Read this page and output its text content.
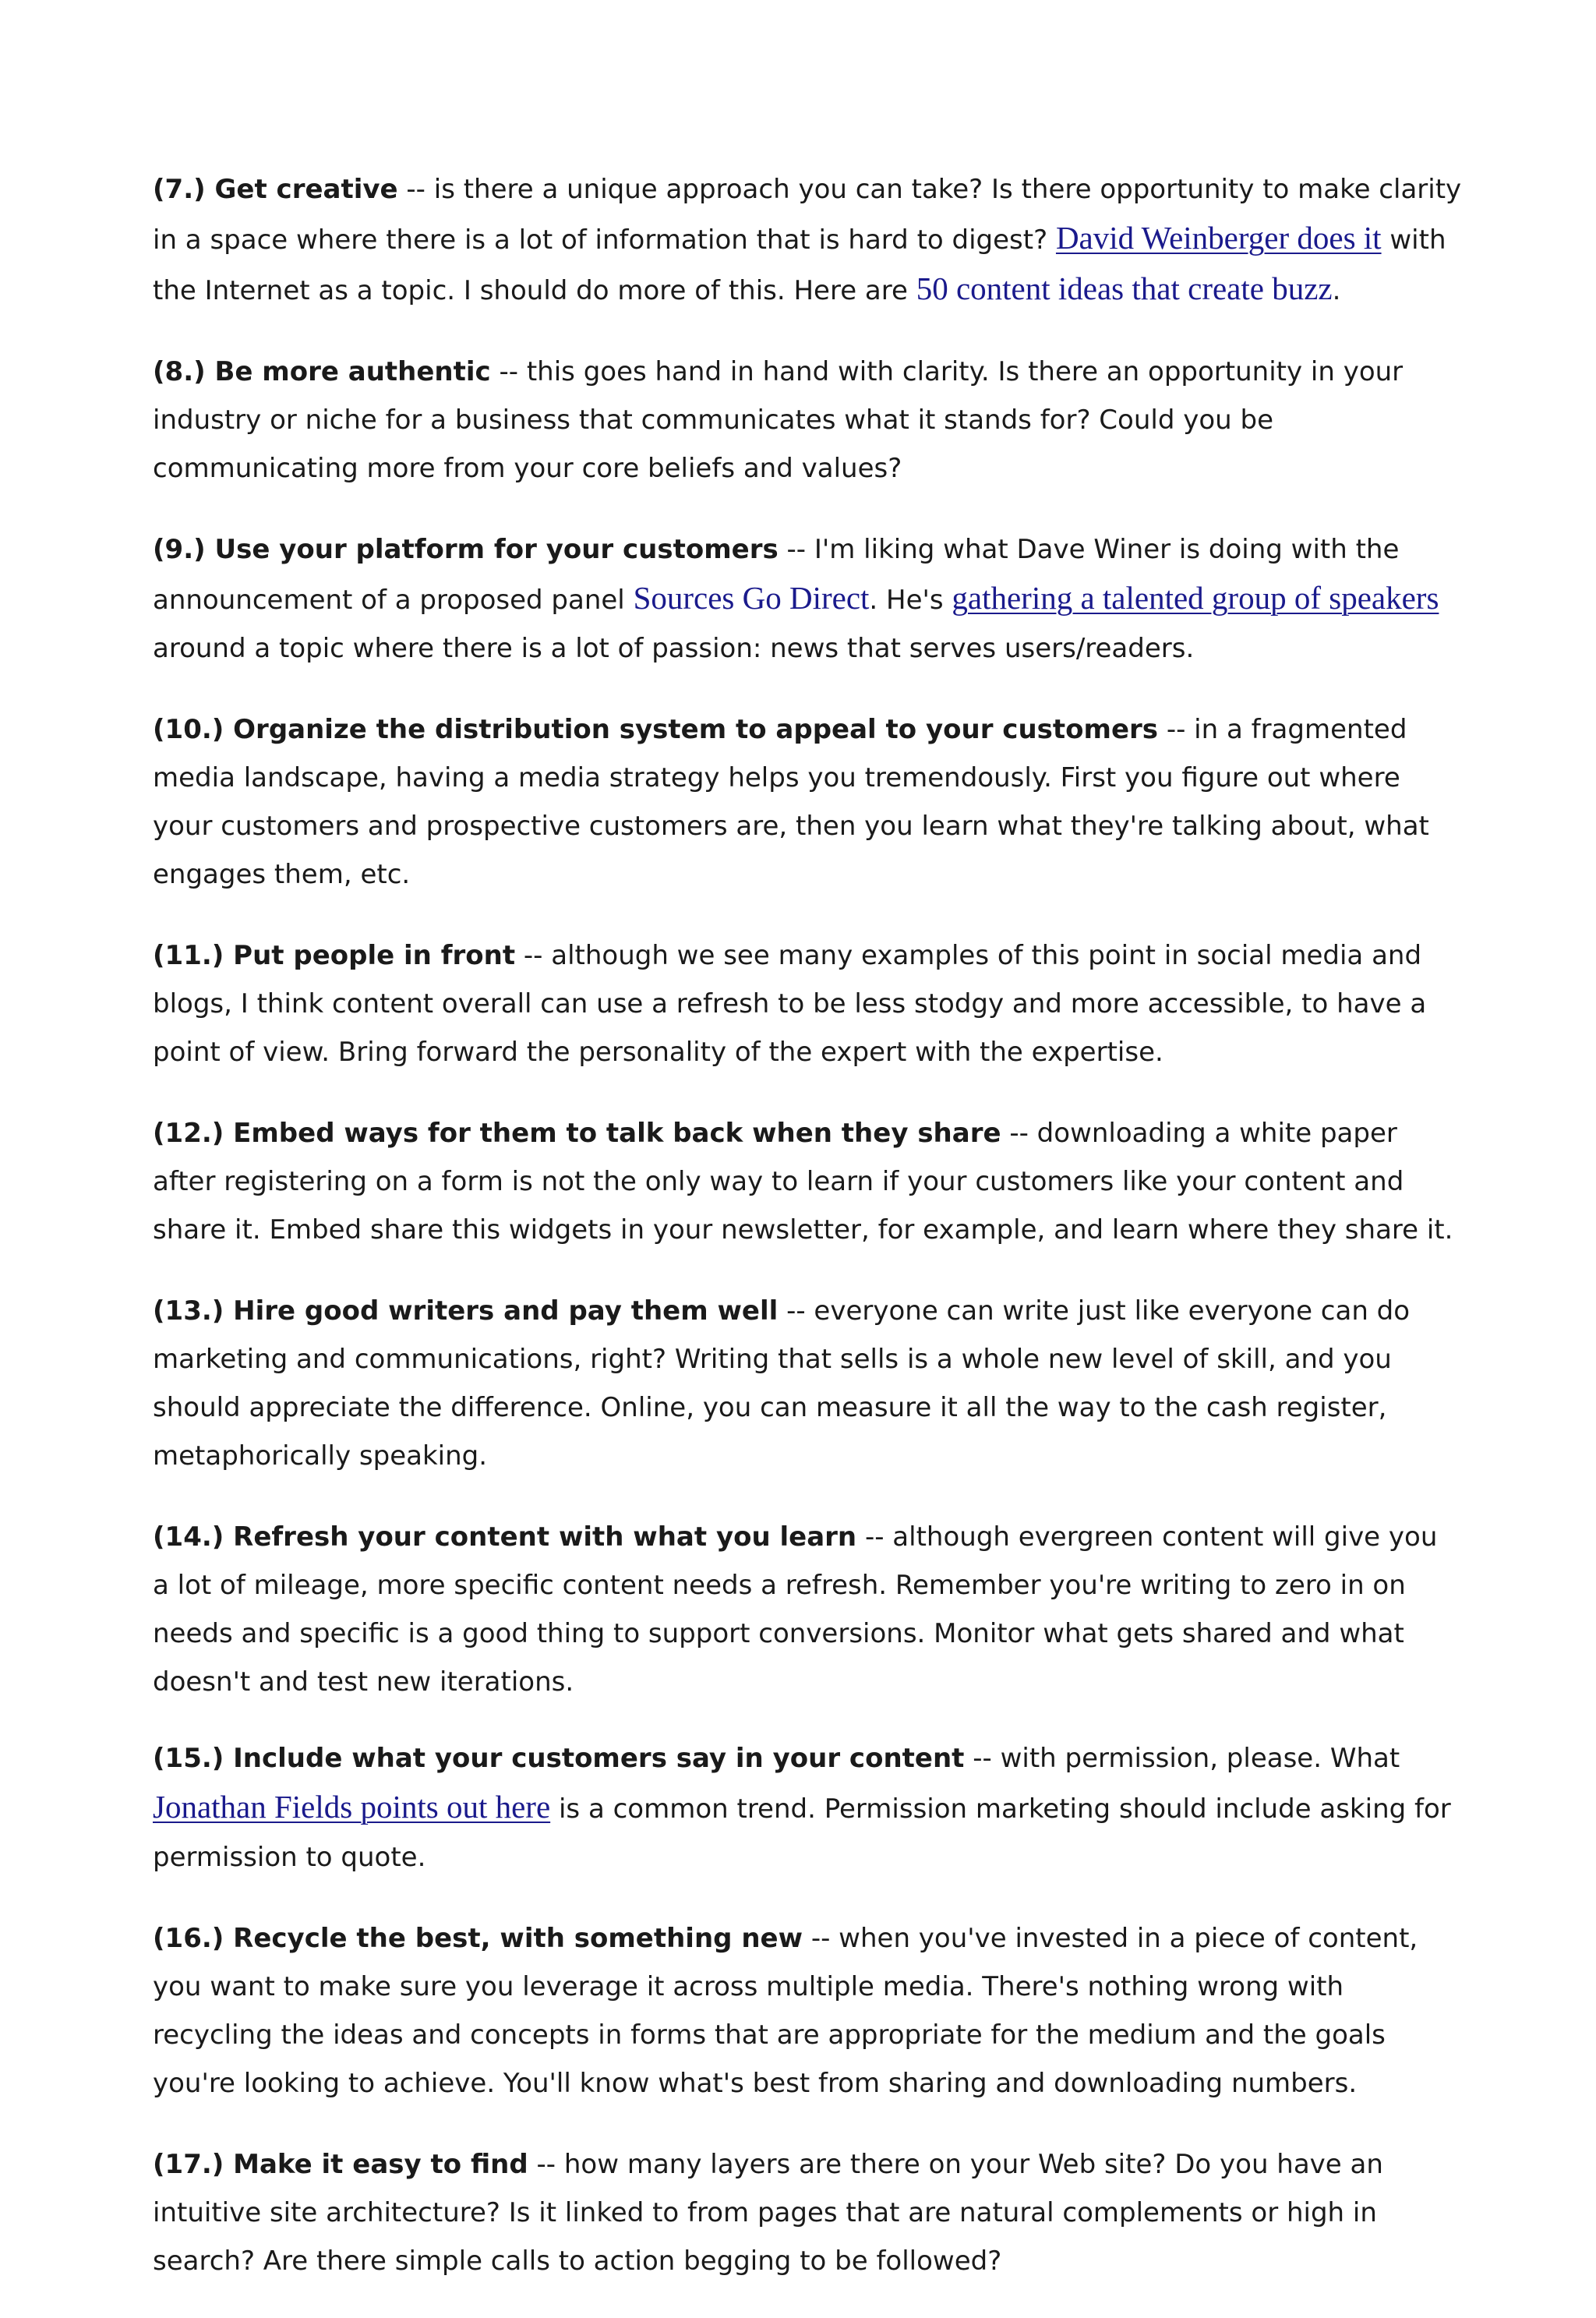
(7.) Get creative -- is there a unique approach you can take? Is there opportunity to make clarity in a space where there is a lot of information that is hard to digest? David Weinberger does it with the Internet as a topic. I should do more of this. Here are 50 content ideas that create buzz.

(8.) Be more authentic -- this goes hand in hand with clarity. Is there an opportunity in your industry or niche for a business that communicates what it stands for? Could you be communicating more from your core beliefs and values?

(9.) Use your platform for your customers -- I'm liking what Dave Winer is doing with the announcement of a proposed panel Sources Go Direct. He's gathering a talented group of speakers around a topic where there is a lot of passion: news that serves users/readers.

(10.) Organize the distribution system to appeal to your customers -- in a fragmented media landscape, having a media strategy helps you tremendously. First you figure out where your customers and prospective customers are, then you learn what they're talking about, what engages them, etc.

(11.) Put people in front -- although we see many examples of this point in social media and blogs, I think content overall can use a refresh to be less stodgy and more accessible, to have a point of view. Bring forward the personality of the expert with the expertise.

(12.) Embed ways for them to talk back when they share -- downloading a white paper after registering on a form is not the only way to learn if your customers like your content and share it. Embed share this widgets in your newsletter, for example, and learn where they share it.

(13.) Hire good writers and pay them well -- everyone can write just like everyone can do marketing and communications, right? Writing that sells is a whole new level of skill, and you should appreciate the difference. Online, you can measure it all the way to the cash register, metaphorically speaking.

(14.) Refresh your content with what you learn -- although evergreen content will give you a lot of mileage, more specific content needs a refresh. Remember you're writing to zero in on needs and specific is a good thing to support conversions. Monitor what gets shared and what doesn't and test new iterations.

(15.) Include what your customers say in your content -- with permission, please. What Jonathan Fields points out here is a common trend. Permission marketing should include asking for permission to quote.

(16.) Recycle the best, with something new -- when you've invested in a piece of content, you want to make sure you leverage it across multiple media. There's nothing wrong with recycling the ideas and concepts in forms that are appropriate for the medium and the goals you're looking to achieve. You'll know what's best from sharing and downloading numbers.

(17.) Make it easy to find -- how many layers are there on your Web site? Do you have an intuitive site architecture? Is it linked to from pages that are natural complements or high in search? Are there simple calls to action begging to be followed?
